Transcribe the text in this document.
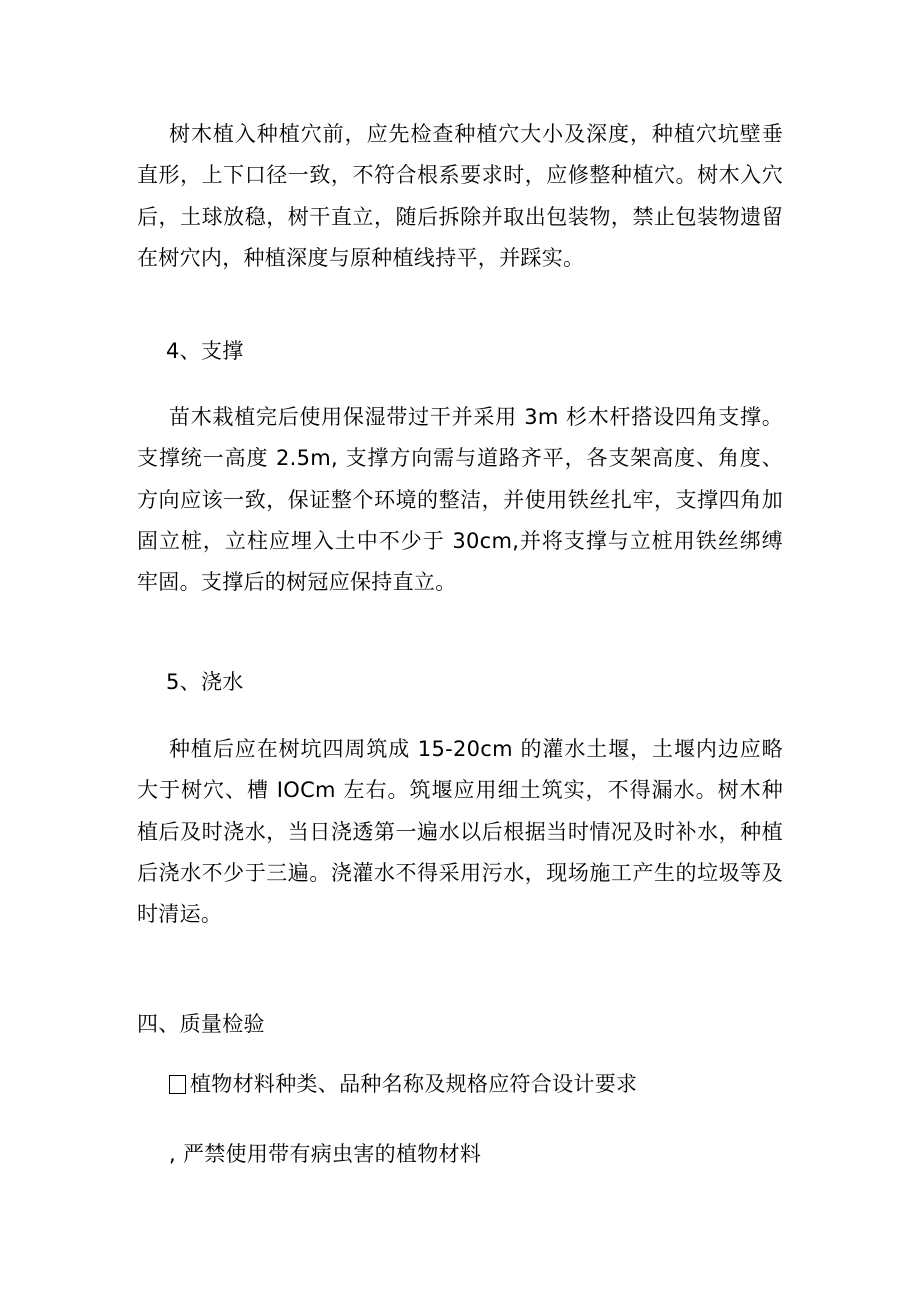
树木植入种植穴前，应先检查种植穴大小及深度，种植穴坑壁垂直形，上下口径一致，不符合根系要求时，应修整种植穴。树木入穴后，土球放稳，树干直立，随后拆除并取出包装物，禁止包装物遗留在树穴内，种植深度与原种植线持平，并踩实。

4、支撑

苗木栽植完后使用保湿带过干并采用 3m 杉木杆搭设四角支撑。支撑统一高度 2.5m, 支撑方向需与道路齐平，各支架高度、角度、方向应该一致，保证整个环境的整洁，并使用铁丝扎牢，支撑四角加固立桩，立柱应埋入土中不少于 30cm,并将支撑与立桩用铁丝绑缚牢固。支撑后的树冠应保持直立。

5、浇水

种植后应在树坑四周筑成 15-20cm 的灌水土堰，土堰内边应略大于树穴、槽 IOCm 左右。筑堰应用细土筑实，不得漏水。树木种植后及时浇水，当日浇透第一遍水以后根据当时情况及时补水，种植后浇水不少于三遍。浇灌水不得采用污水，现场施工产生的垃圾等及时清运。

四、质量检验

植物材料种类、品种名称及规格应符合设计要求

, 严禁使用带有病虫害的植物材料
